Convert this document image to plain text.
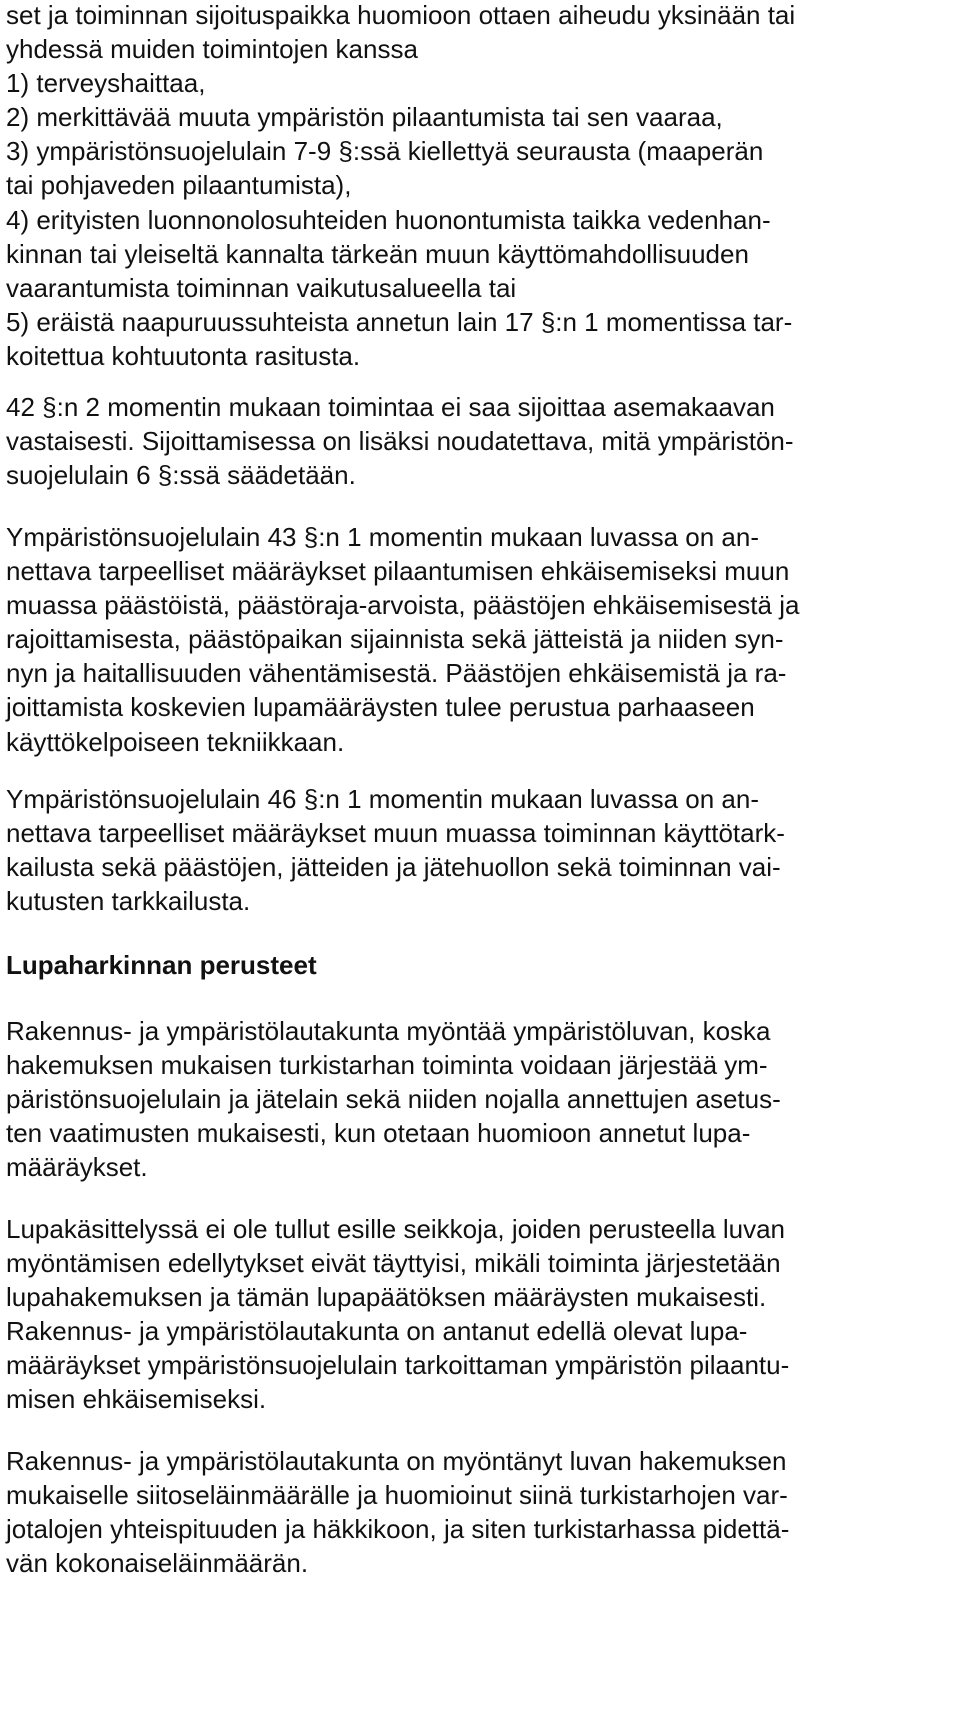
set ja toiminnan sijoituspaikka huomioon ottaen aiheudu yksinään tai
yhdessä muiden toimintojen kanssa
1) terveyshaittaa,
2) merkittävää muuta ympäristön pilaantumista tai sen vaaraa,
3) ympäristönsuojelulain 7-9 §:ssä kiellettyä seurausta (maaperän
tai pohjaveden pilaantumista),
4) erityisten luonnonolosuhteiden huonontumista taikka vedenhan-
kinnan tai yleiseltä kannalta tärkeän muun käyttömahdollisuuden
vaarantumista toiminnan vaikutusalueella tai
5) eräistä naapuruussuhteista annetun lain 17 §:n 1 momentissa tar-
koitettua kohtuutonta rasitusta.
42 §:n 2 momentin mukaan toimintaa ei saa sijoittaa asemakaavan
vastaisesti. Sijoittamisessa on lisäksi noudatettava, mitä ympäristön-
suojelulain 6 §:ssä säädetään.
Ympäristönsuojelulain 43 §:n 1 momentin mukaan luvassa on an-
nettava tarpeelliset määräykset pilaantumisen ehkäisemiseksi muun
muassa päästöistä, päästöraja-arvoista, päästöjen ehkäisemisestä ja
rajoittamisesta, päästöpaikan sijainnista sekä jätteistä ja niiden syn-
nyn ja haitallisuuden vähentämisestä. Päästöjen ehkäisemistä ja ra-
joittamista koskevien lupamääräysten tulee perustua parhaaseen
käyttökelpoiseen tekniikkaan.
Ympäristönsuojelulain 46 §:n 1 momentin mukaan luvassa on an-
nettava tarpeelliset määräykset muun muassa toiminnan käyttötark-
kailusta sekä päästöjen, jätteiden ja jätehuollon sekä toiminnan vai-
kutusten tarkkailusta.
Lupaharkinnan perusteet
Rakennus- ja ympäristölautakunta myöntää ympäristöluvan, koska
hakemuksen mukaisen turkistarhan toiminta voidaan järjestää ym-
päristönsuojelulain ja jätelain sekä niiden nojalla annettujen asetus-
ten vaatimusten mukaisesti, kun otetaan huomioon annetut lupa-
määräykset.
Lupakäsittelyssä ei ole tullut esille seikkoja, joiden perusteella luvan
myöntämisen edellytykset eivät täyttyisi, mikäli toiminta järjestetään
lupahakemuksen ja tämän lupapäätöksen määräysten mukaisesti.
Rakennus- ja ympäristölautakunta on antanut edellä olevat lupa-
määräykset ympäristönsuojelulain tarkoittaman ympäristön pilaantu-
misen ehkäisemiseksi.
Rakennus- ja ympäristölautakunta on myöntänyt luvan hakemuksen
mukaiselle siitoseläinmäärälle ja huomioinut siinä turkistarhojen var-
jotalojen yhteispituuden ja häkkikoon, ja siten turkistarhassa pidettä-
vän kokonaiseläinmäärän.
